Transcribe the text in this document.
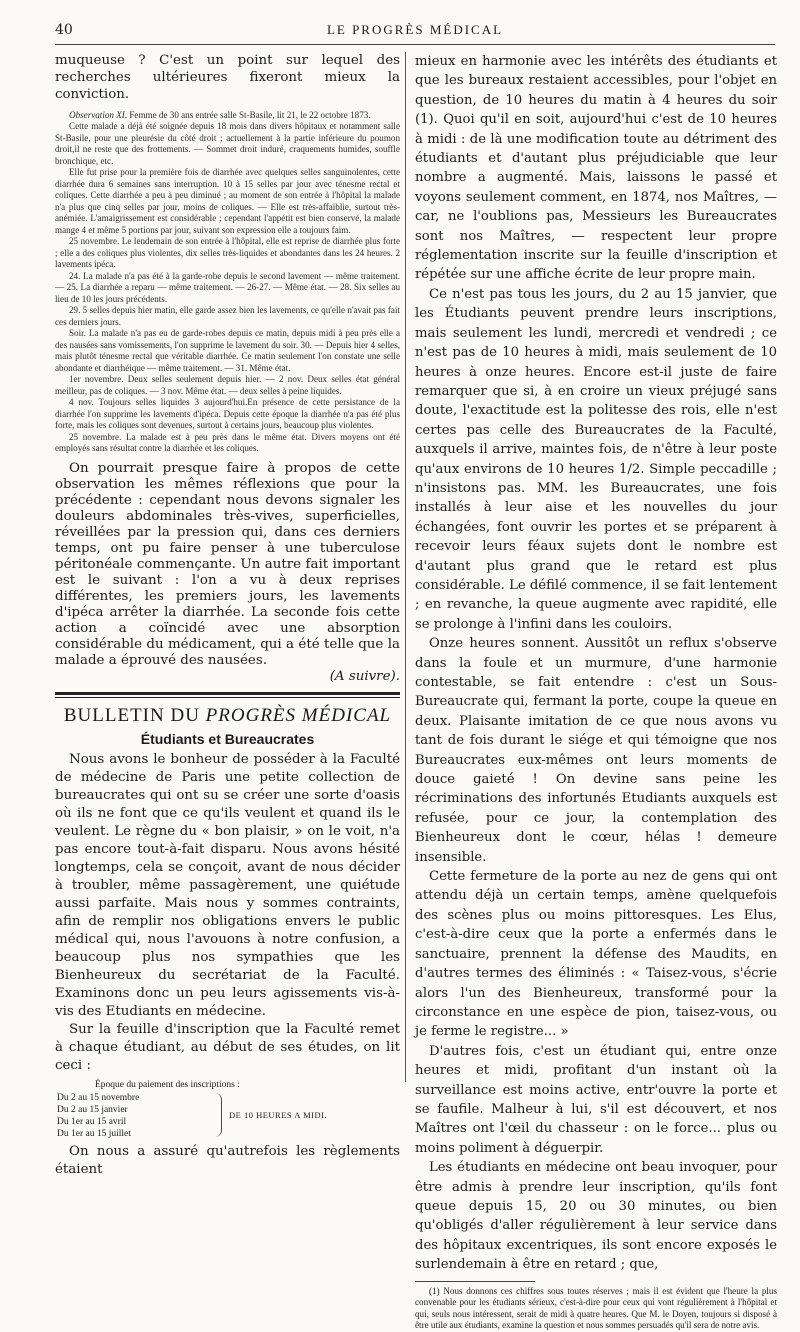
40	LE PROGRÈS MÉDICAL

muqueuse ? C'est un point sur lequel des recherches ultérieures fixeront mieux la conviction.

Observation XI. Femme de 30 ans entrée salle St-Basile, lit 21, le 22 octobre 1873.

Cette malade a déjà été soignée depuis 18 mois dans divers hôpitaux et notamment salle St-Basile, pour une pleurésie du côté droit ; actuellement à la partie inférieure du poumon droit,il ne reste que des frottements. — Sommet droit induré, craquements humides, souffle bronchique, etc.

Elle fut prise pour la première fois de diarrhée avec quelques selles sanguinolentes, cette diarrhée dura 6 semaines sans interruption. 10 à 15 selles par jour avec ténesme rectal et coliques. Cette diarrhée a peu à peu diminué ; au moment de son entrée à l'hôpital la malade n'a plus que cinq selles par jour, moins de coliques. — Elle est très-affaiblie, surtout très-anémiée. L'amaigrissement est considérable ; cependant l'appétit est bien conservé, la malade mange 4 et même 5 portions par jour, suivant son expression elle a toujours faim.

25 novembre. Le lendemain de son entrée à l'hôpital, elle est reprise de diarrhée plus forte ; elle a des coliques plus violentes, dix selles très-liquides et abondantes dans les 24 heures. 2 lavements ipéca.

24. La malade n'a pas été à la garde-robe depuis le second lavement — même traitement. — 25. La diarrhée a reparu — même traitement. — 26-27. — Même état. — 28. Six selles au lieu de 10 les jours précédents.

29. 5 selles depuis hier matin, elle garde assez bien les lavements, ce qu'elle n'avait pas fait ces derniers jours.

Soir. La malade n'a pas eu de garde-robes depuis ce matin, depuis midi à peu près elle a des nausées sans vomissements, l'on supprime le lavement du soir. 30. — Depuis hier 4 selles, mais plutôt ténesme rectal que véritable diarrhée. Ce matin seulement l'on constate une selle abondante et diarrhéique — même traitement. — 31. Même état.

1er novembre. Deux selles seulement depuis hier. — 2 nov. Deux selles état général meilleur, pas de coliques. — 3 nov. Même état. — deux selles à peine liquides.

4 nov. Toujours selles liquides 3 aujourd'hui.En présence de cette persistance de la diarrhée l'on supprime les lavements d'ipéca. Depuis cette époque la diarrhée n'a pas été plus forte, mais les coliques sont devenues, surtout à certains jours, beaucoup plus violentes.

25 novembre. La malade est à peu près dans le même état. Divers moyens ont été employés sans résultat contre la diarrhée et les coliques.

On pourrait presque faire à propos de cette observation les mêmes réflexions que pour la précédente : cependant nous devons signaler les douleurs abdominales très-vives, superficielles, réveillées par la pression qui, dans ces derniers temps, ont pu faire penser à une tuberculose péritonéale commençante. Un autre fait important est le suivant : l'on a vu à deux reprises différentes, les premiers jours, les lavements d'ipéca arrêter la diarrhée. La seconde fois cette action a coïncidé avec une absorption considérable du médicament, qui a été telle que la malade a éprouvé des nausées.

(A suivre).

BULLETIN DU PROGRÈS MÉDICAL
Étudiants et Bureaucrates

Nous avons le bonheur de posséder à la Faculté de médecine de Paris une petite collection de bureaucrates qui ont su se créer une sorte d'oasis où ils ne font que ce qu'ils veulent et quand ils le veulent. Le règne du « bon plaisir, » on le voit, n'a pas encore tout-à-fait disparu. Nous avons hésité longtemps, cela se conçoit, avant de nous décider à troubler, même passagèrement, une quiétude aussi parfaite. Mais nous y sommes contraints, afin de remplir nos obligations envers le public médical qui, nous l'avouons à notre confusion, a beaucoup plus nos sympathies que les Bienheureux du secrétariat de la Faculté. Examinons donc un peu leurs agissements vis-à-vis des Etudiants en médecine.

Sur la feuille d'inscription que la Faculté remet à chaque étudiant, au début de ses études, on lit ceci :

Époque du paiement des inscriptions :
Du 2 au 15 novembre
Du 2 au 15 janvier
Du 1er au 15 avril
Du 1er au 15 juillet
DE 10 HEURES A MIDI.

On nous a assuré qu'autrefois les règlements étaient

mieux en harmonie avec les intérêts des étudiants et que les bureaux restaient accessibles, pour l'objet en question, de 10 heures du matin à 4 heures du soir (1). Quoi qu'il en soit, aujourd'hui c'est de 10 heures à midi : de là une modification toute au détriment des étudiants et d'autant plus préjudiciable que leur nombre a augmenté. Mais, laissons le passé et voyons seulement comment, en 1874, nos Maîtres, — car, ne l'oublions pas, Messieurs les Bureaucrates sont nos Maîtres, — respectent leur propre réglementation inscrite sur la feuille d'inscription et répétée sur une affiche écrite de leur propre main.

Ce n'est pas tous les jours, du 2 au 15 janvier, que les Étudiants peuvent prendre leurs inscriptions, mais seulement les lundi, mercredi et vendredi ; ce n'est pas de 10 heures à midi, mais seulement de 10 heures à onze heures. Encore est-il juste de faire remarquer que si, à en croire un vieux préjugé sans doute, l'exactitude est la politesse des rois, elle n'est certes pas celle des Bureaucrates de la Faculté, auxquels il arrive, maintes fois, de n'être à leur poste qu'aux environs de 10 heures 1/2. Simple peccadille ; n'insistons pas. MM. les Bureaucrates, une fois installés à leur aise et les nouvelles du jour échangées, font ouvrir les portes et se préparent à recevoir leurs féaux sujets dont le nombre est d'autant plus grand que le retard est plus considérable. Le défilé commence, il se fait lentement ; en revanche, la queue augmente avec rapidité, elle se prolonge à l'infini dans les couloirs.

Onze heures sonnent. Aussitôt un reflux s'observe dans la foule et un murmure, d'une harmonie contestable, se fait entendre : c'est un Sous-Bureaucrate qui, fermant la porte, coupe la queue en deux. Plaisante imitation de ce que nous avons vu tant de fois durant le siége et qui témoigne que nos Bureaucrates eux-mêmes ont leurs moments de douce gaieté ! On devine sans peine les récriminations des infortunés Etudiants auxquels est refusée, pour ce jour, la contemplation des Bienheureux dont le cœur, hélas ! demeure insensible.

Cette fermeture de la porte au nez de gens qui ont attendu déjà un certain temps, amène quelquefois des scènes plus ou moins pittoresques. Les Elus, c'est-à-dire ceux que la porte a enfermés dans le sanctuaire, prennent la défense des Maudits, en d'autres termes des éliminés : « Taisez-vous, s'écrie alors l'un des Bienheureux, transformé pour la circonstance en une espèce de pion, taisez-vous, ou je ferme le registre... »

D'autres fois, c'est un étudiant qui, entre onze heures et midi, profitant d'un instant où la surveillance est moins active, entr'ouvre la porte et se faufile. Malheur à lui, s'il est découvert, et nos Maîtres ont l'œil du chasseur : on le force... plus ou moins poliment à déguerpir.

Les étudiants en médecine ont beau invoquer, pour être admis à prendre leur inscription, qu'ils font queue depuis 15, 20 ou 30 minutes, ou bien qu'obligés d'aller régulièrement à leur service dans des hôpitaux excentriques, ils sont encore exposés le surlendemain à être en retard ; que,

(1) Nous donnons ces chiffres sous toutes réserves ; mais il est évident que l'heure la plus convenable pour les étudiants sérieux, c'est-à-dire pour ceux qui vont régulièrement à l'hôpital et qui, seuls nous intéressent, serait de midi à quatre heures. Que M. le Doyen, toujours si disposé à être utile aux étudiants, examine la question et nous sommes persuadés qu'il sera de notre avis.
